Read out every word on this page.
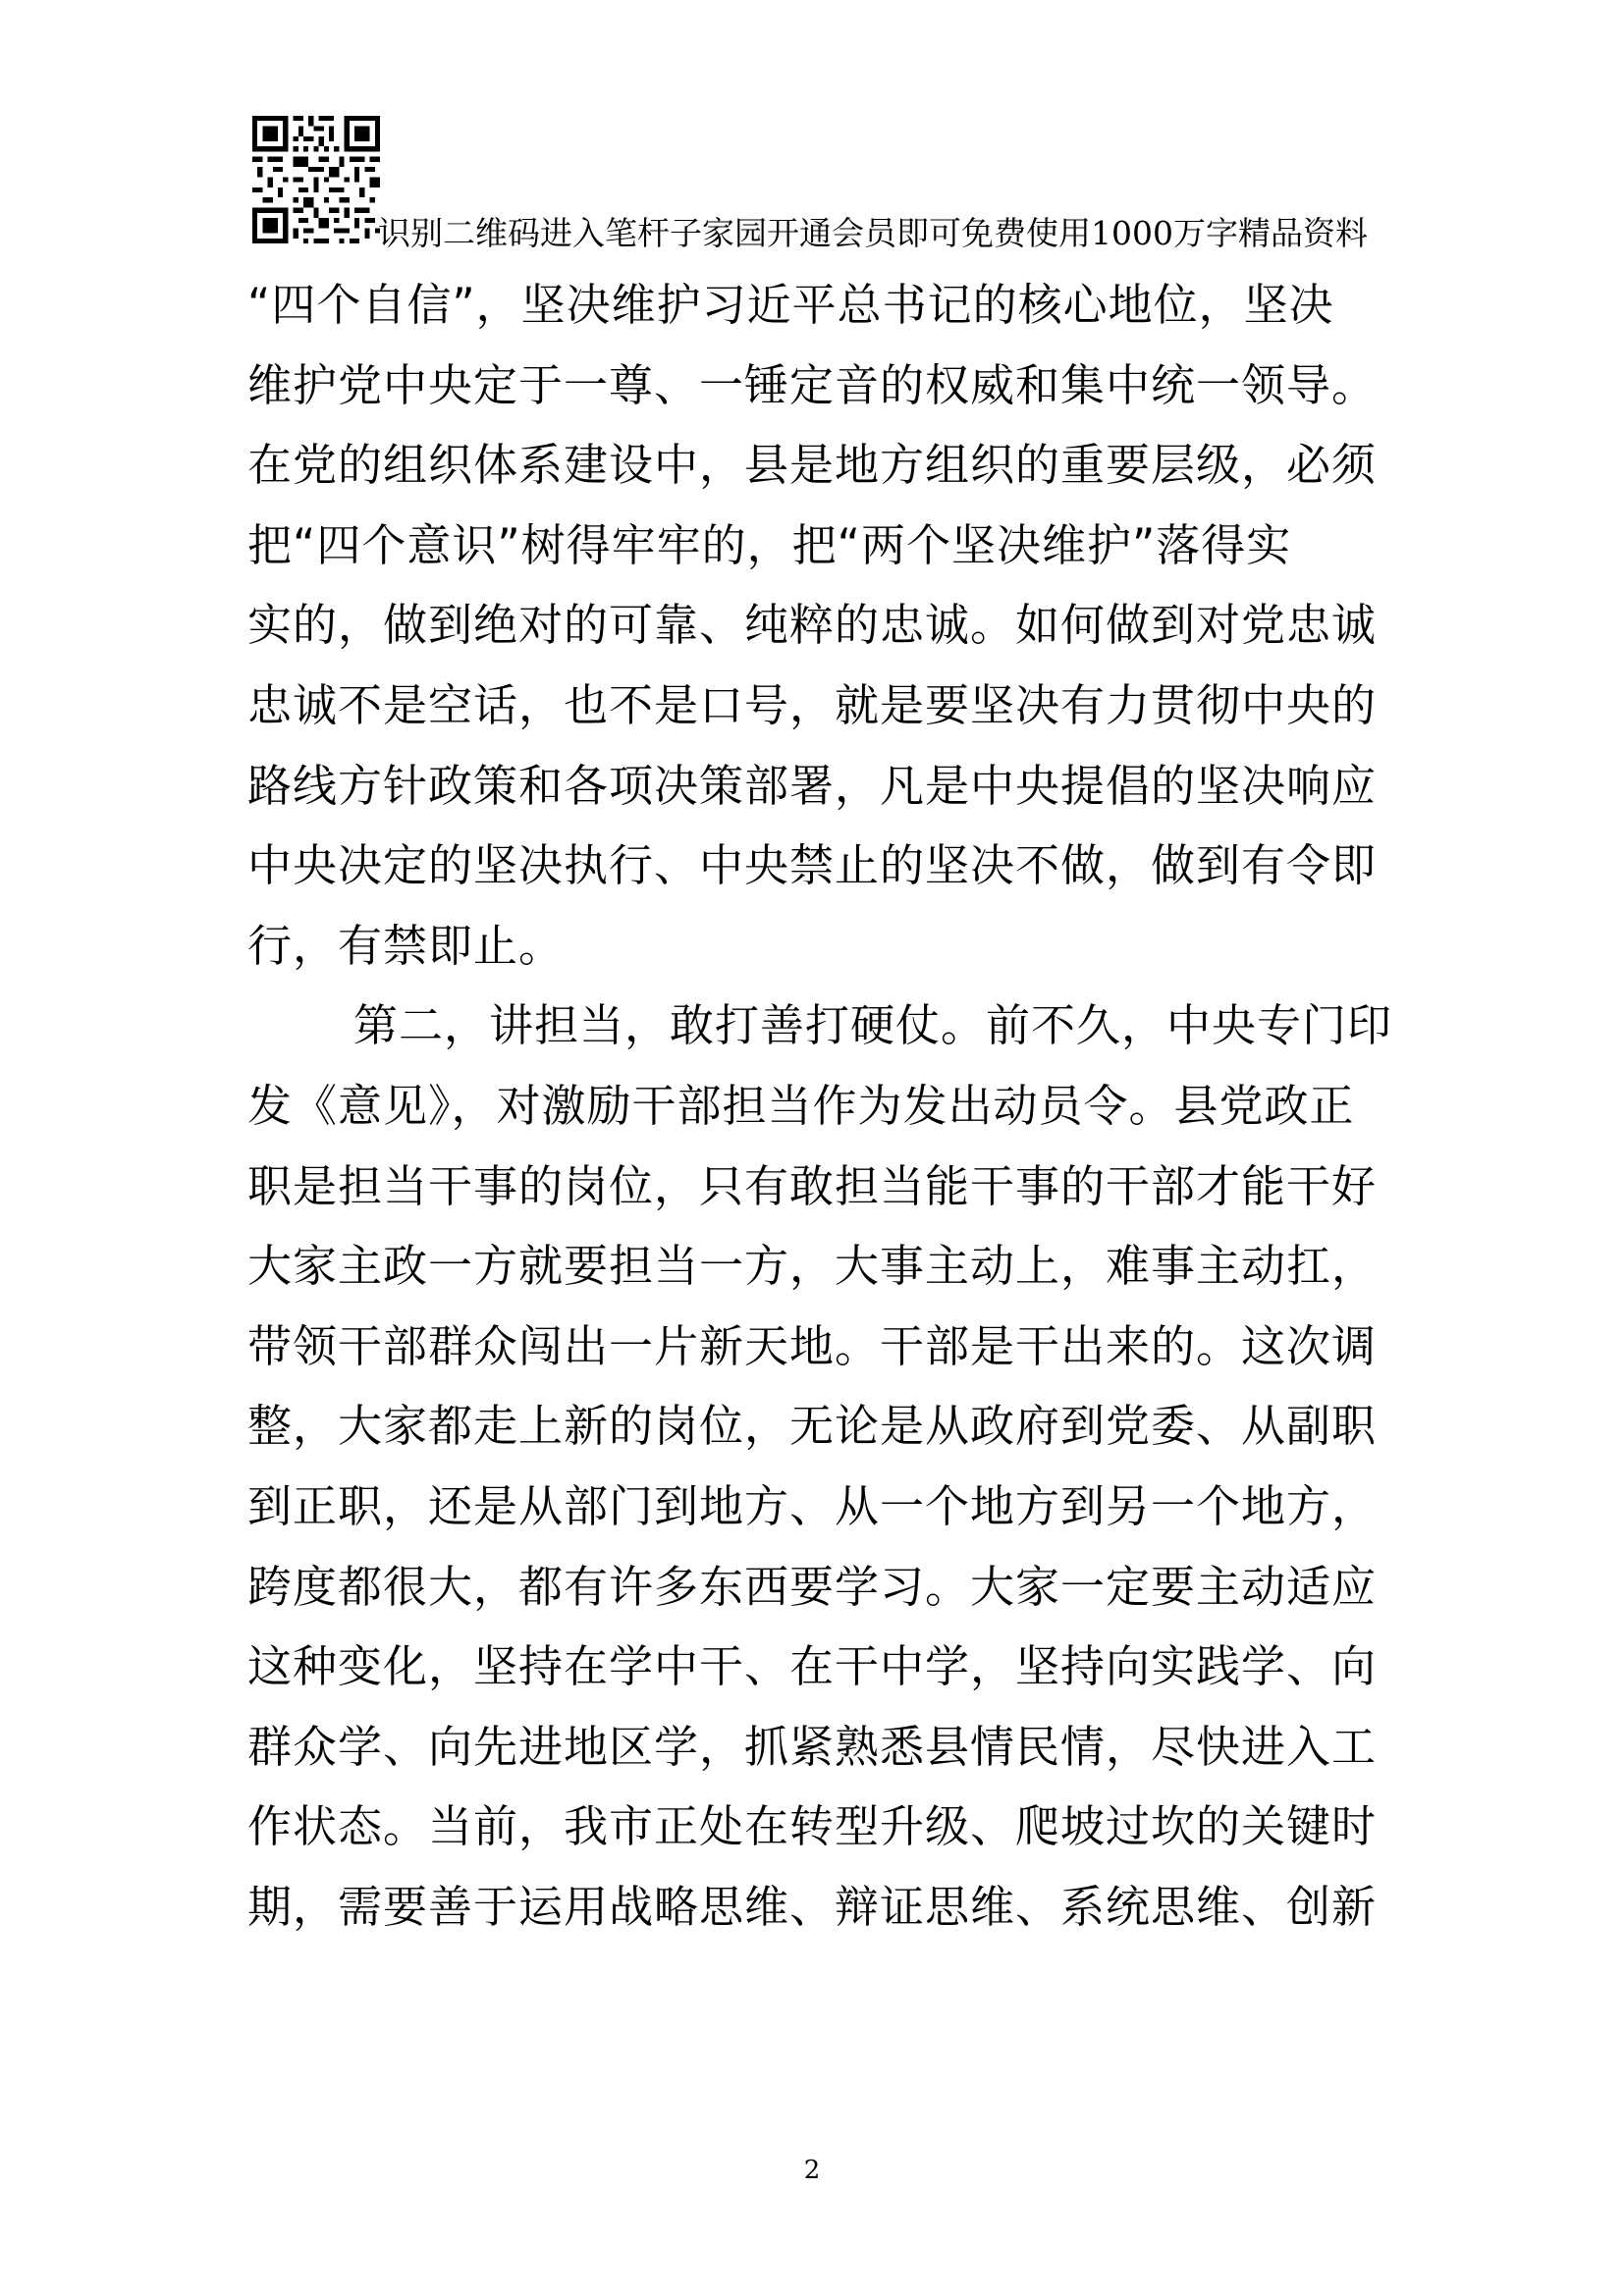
识别二维码进入笔杆子家园开通会员即可免费使用1000万字精品资料
“四个自信”，坚决维护习近平总书记的核心地位，坚决
维护党中央定于一尊、一锤定音的权威和集中统一领导。
在党的组织体系建设中，县是地方组织的重要层级，必须
把“四个意识”树得牢牢的，把“两个坚决维护”落得实
实的，做到绝对的可靠、纯粹的忠诚。如何做到对党忠诚
忠诚不是空话，也不是口号，就是要坚决有力贯彻中央的
路线方针政策和各项决策部署，凡是中央提倡的坚决响应
中央决定的坚决执行、中央禁止的坚决不做，做到有令即
行，有禁即止。
第二，讲担当，敢打善打硬仗。前不久，中央专门印
发《意见》，对激励干部担当作为发出动员令。县党政正
职是担当干事的岗位，只有敢担当能干事的干部才能干好
大家主政一方就要担当一方，大事主动上，难事主动扛，
带领干部群众闯出一片新天地。干部是干出来的。这次调
整，大家都走上新的岗位，无论是从政府到党委、从副职
到正职，还是从部门到地方、从一个地方到另一个地方，
跨度都很大，都有许多东西要学习。大家一定要主动适应
这种变化，坚持在学中干、在干中学，坚持向实践学、向
群众学、向先进地区学，抓紧熟悉县情民情，尽快进入工
作状态。当前，我市正处在转型升级、爬坡过坎的关键时
期，需要善于运用战略思维、辩证思维、系统思维、创新
2
